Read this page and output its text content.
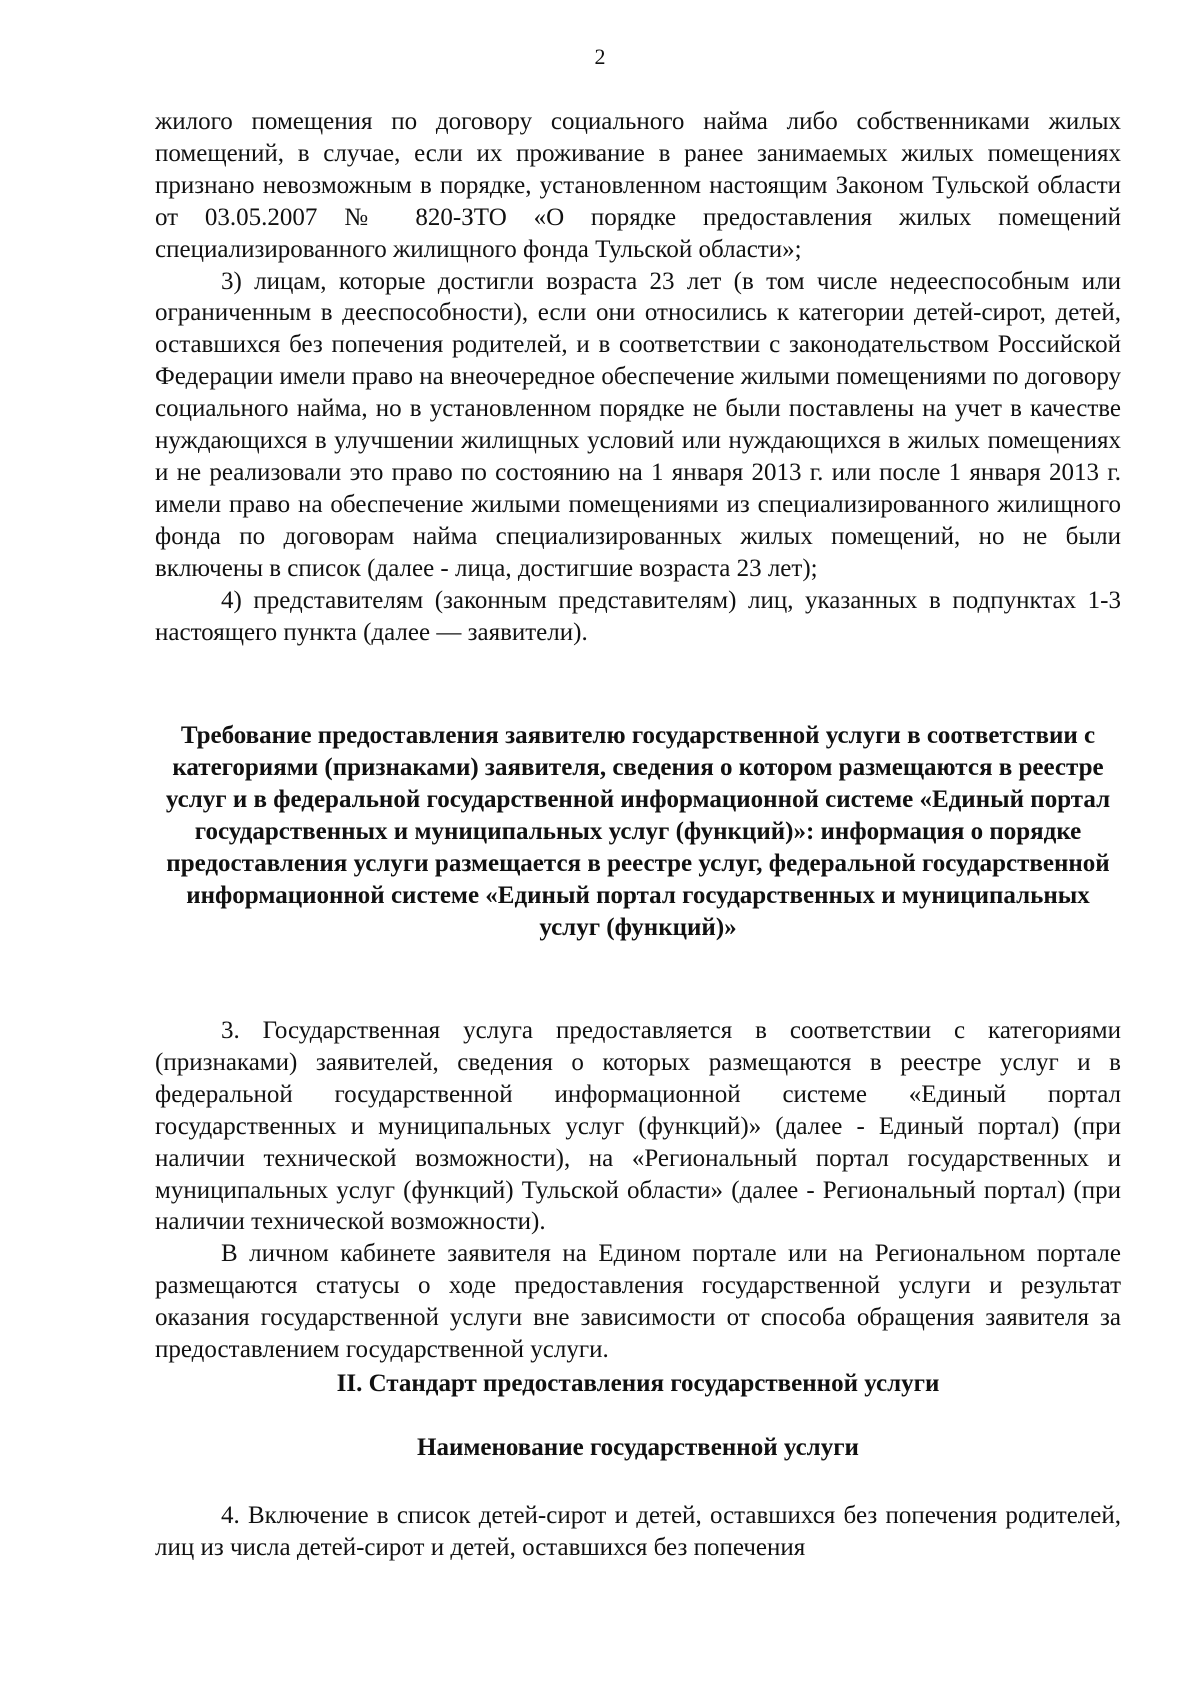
2

жилого помещения по договору социального найма либо собственниками жилых помещений, в случае, если их проживание в ранее занимаемых жилых помещениях признано невозможным в порядке, установленном настоящим Законом Тульской области от 03.05.2007 № 820-ЗТО «О порядке предоставления жилых помещений специализированного жилищного фонда Тульской области»;

3) лицам, которые достигли возраста 23 лет (в том числе недееспособным или ограниченным в дееспособности), если они относились к категории детей-сирот, детей, оставшихся без попечения родителей, и в соответствии с законодательством Российской Федерации имели право на внеочередное обеспечение жилыми помещениями по договору социального найма, но в установленном порядке не были поставлены на учет в качестве нуждающихся в улучшении жилищных условий или нуждающихся в жилых помещениях и не реализовали это право по состоянию на 1 января 2013 г. или после 1 января 2013 г. имели право на обеспечение жилыми помещениями из специализированного жилищного фонда по договорам найма специализированных жилых помещений, но не были включены в список (далее - лица, достигшие возраста 23 лет);

4) представителям (законным представителям) лиц, указанных в подпунктах 1-3 настоящего пункта (далее — заявители).

Требование предоставления заявителю государственной услуги в соответствии с категориями (признаками) заявителя, сведения о котором размещаются в реестре услуг и в федеральной государственной информационной системе «Единый портал государственных и муниципальных услуг (функций)»: информация о порядке предоставления услуги размещается в реестре услуг, федеральной государственной информационной системе «Единый портал государственных и муниципальных услуг (функций)»

3. Государственная услуга предоставляется в соответствии с категориями (признаками) заявителей, сведения о которых размещаются в реестре услуг и в федеральной государственной информационной системе «Единый портал государственных и муниципальных услуг (функций)» (далее - Единый портал) (при наличии технической возможности), на «Региональный портал государственных и муниципальных услуг (функций) Тульской области» (далее - Региональный портал) (при наличии технической возможности).

В личном кабинете заявителя на Едином портале или на Региональном портале размещаются статусы о ходе предоставления государственной услуги и результат оказания государственной услуги вне зависимости от способа обращения заявителя за предоставлением государственной услуги.

II. Стандарт предоставления государственной услуги
Наименование государственной услуги

4. Включение в список детей-сирот и детей, оставшихся без попечения родителей, лиц из числа детей-сирот и детей, оставшихся без попечения
